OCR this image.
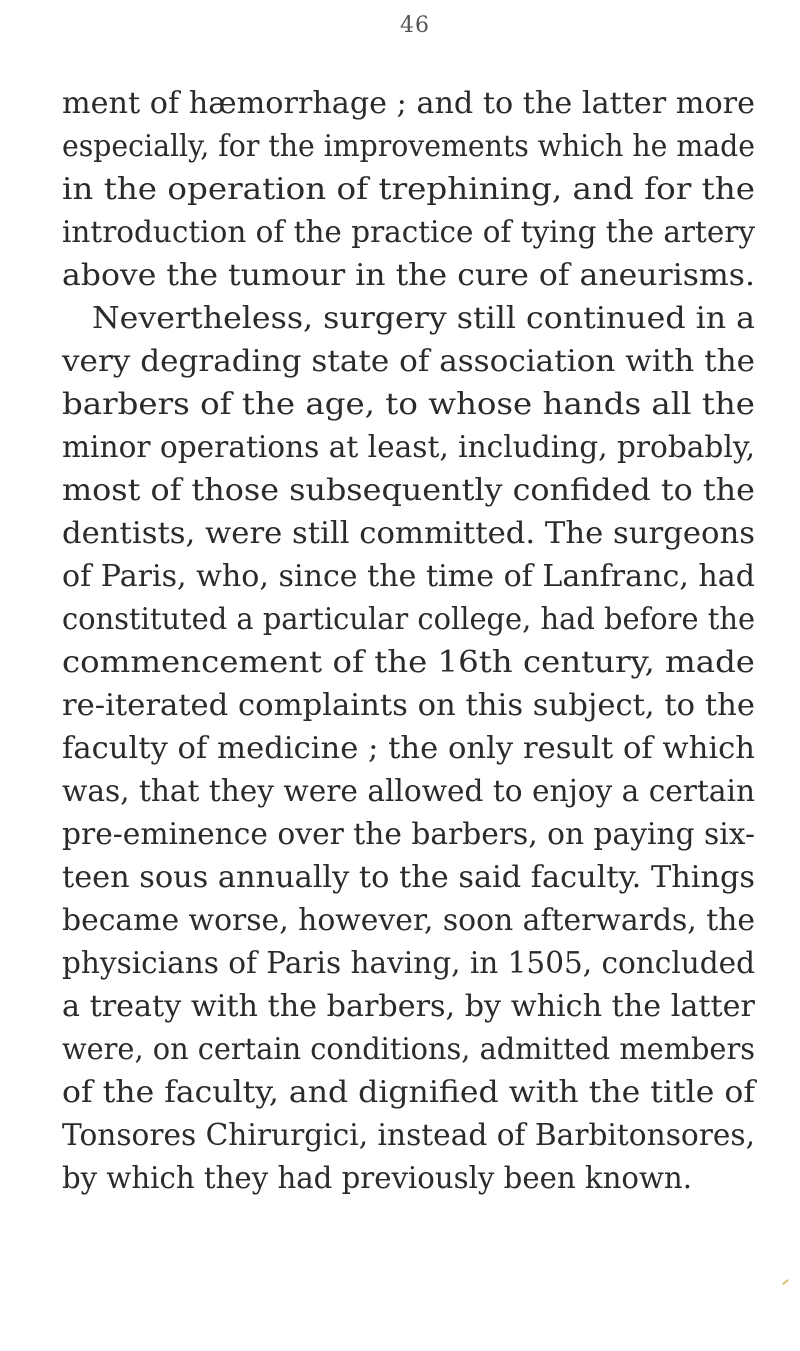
46
ment of hæmorrhage ; and to the latter more
especially, for the improvements which he made
in the operation of trephining, and for the
introduction of the practice of tying the artery
above the tumour in the cure of aneurisms.
Nevertheless, surgery still continued in a
very degrading state of association with the
barbers of the age, to whose hands all the
minor operations at least, including, probably,
most of those subsequently confided to the
dentists, were still committed. The surgeons
of Paris, who, since the time of Lanfranc, had
constituted a particular college, had before the
commencement of the 16th century, made
re-iterated complaints on this subject, to the
faculty of medicine ; the only result of which
was, that they were allowed to enjoy a certain
pre-eminence over the barbers, on paying six-
teen sous annually to the said faculty. Things
became worse, however, soon afterwards, the
physicians of Paris having, in 1505, concluded
a treaty with the barbers, by which the latter
were, on certain conditions, admitted members
of the faculty, and dignified with the title of
Tonsores Chirurgici, instead of Barbitonsores,
by which they had previously been known.
